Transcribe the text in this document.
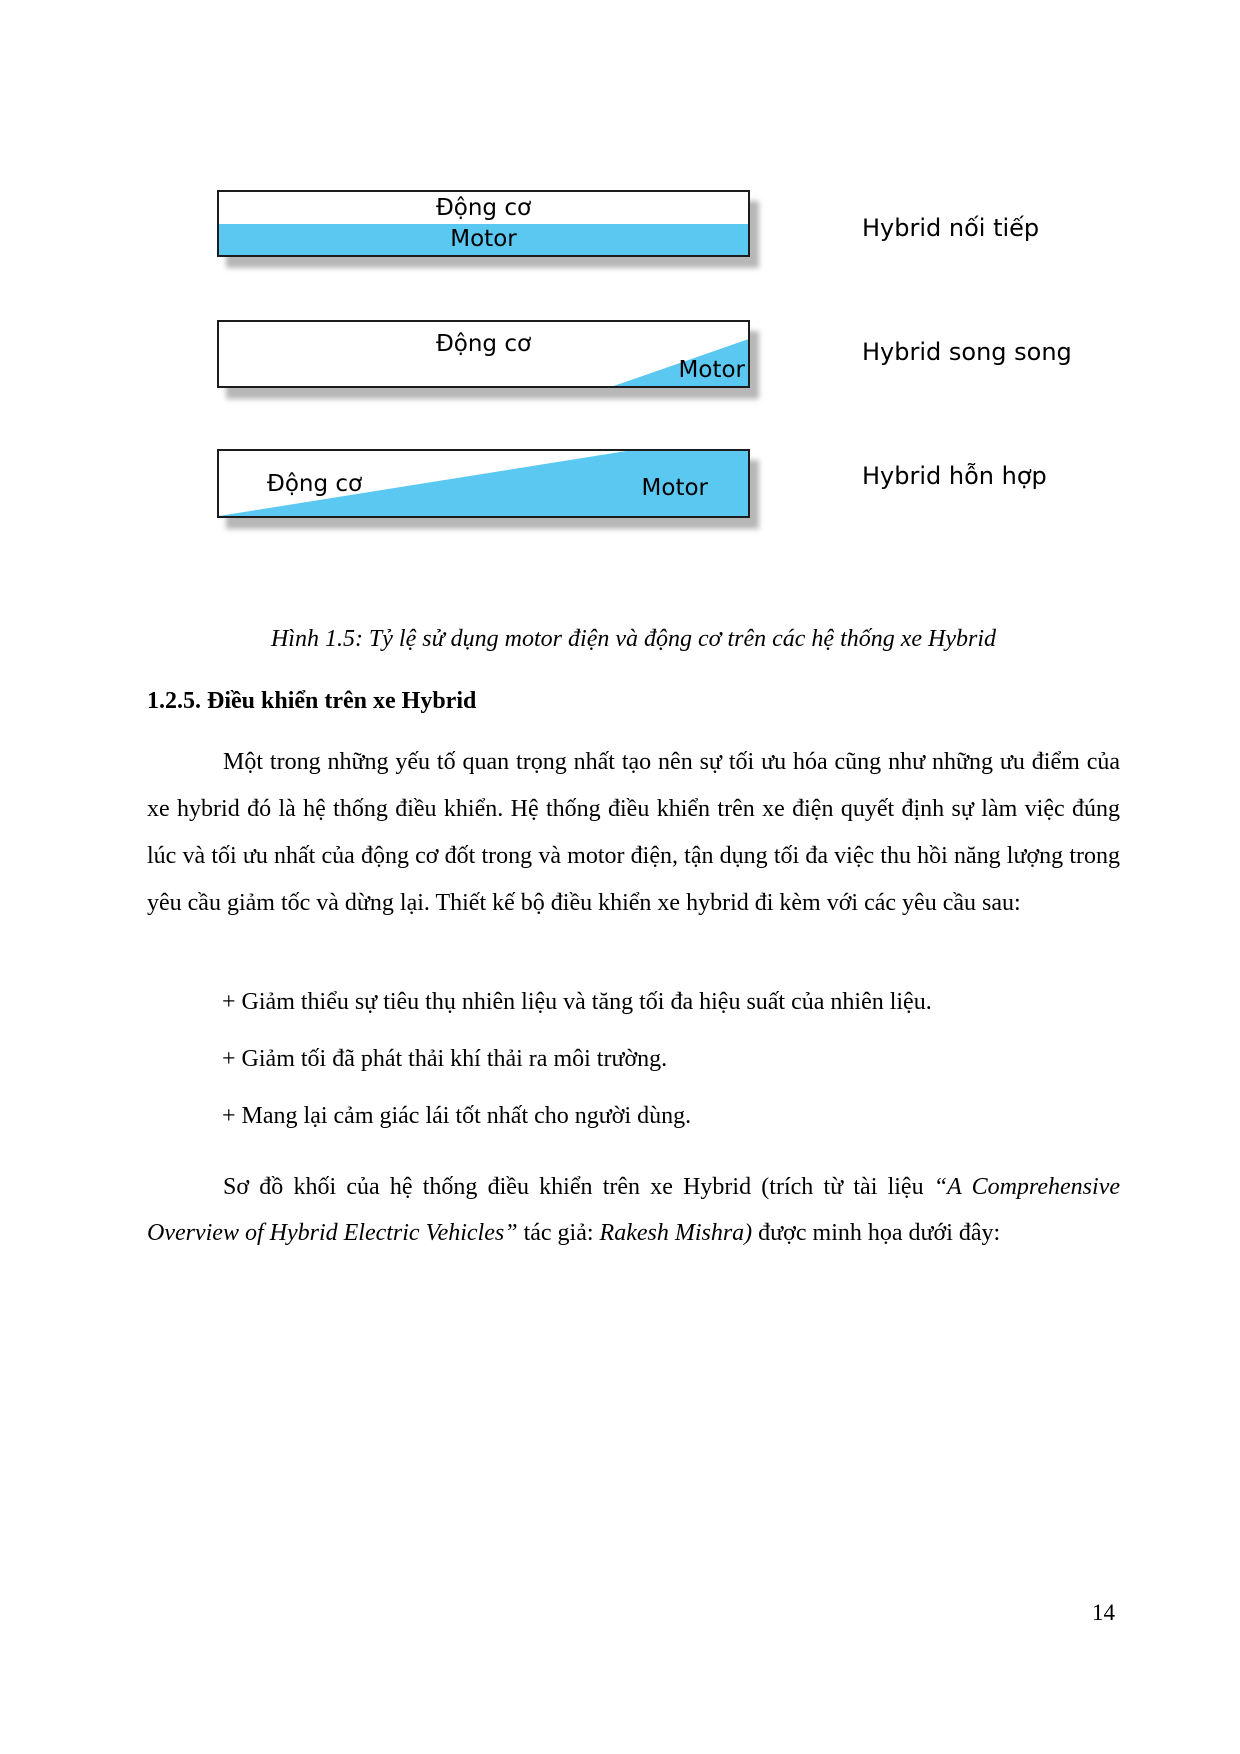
Động cơ
Motor	Hybrid nối tiếp
Động cơ
Motor
Hybrid song song
Động cơ	Motor	Hybrid hỗn hợp
Hình 1.5: Tỷ lệ sử dụng motor điện và động cơ trên các hệ thống xe Hybrid
1.2.5. Điều khiển trên xe Hybrid

Một trong những yếu tố quan trọng nhất tạo nên sự tối ưu hóa cũng như những ưu điểm của xe hybrid đó là hệ thống điều khiển. Hệ thống điều khiển trên xe điện quyết định sự làm việc đúng lúc và tối ưu nhất của động cơ đốt trong và motor điện, tận dụng tối đa việc thu hồi năng lượng trong yêu cầu giảm tốc và dừng lại. Thiết kế bộ điều khiển xe hybrid đi kèm với các yêu cầu sau:

+ Giảm thiểu sự tiêu thụ nhiên liệu và tăng tối đa hiệu suất của nhiên liệu.

+ Giảm tối đã phát thải khí thải ra môi trường.

+ Mang lại cảm giác lái tốt nhất cho người dùng.

Sơ đồ khối của hệ thống điều khiển trên xe Hybrid (trích từ tài liệu “A Comprehensive Overview of Hybrid Electric Vehicles” tác giả: Rakesh Mishra) được minh họa dưới đây:

14
